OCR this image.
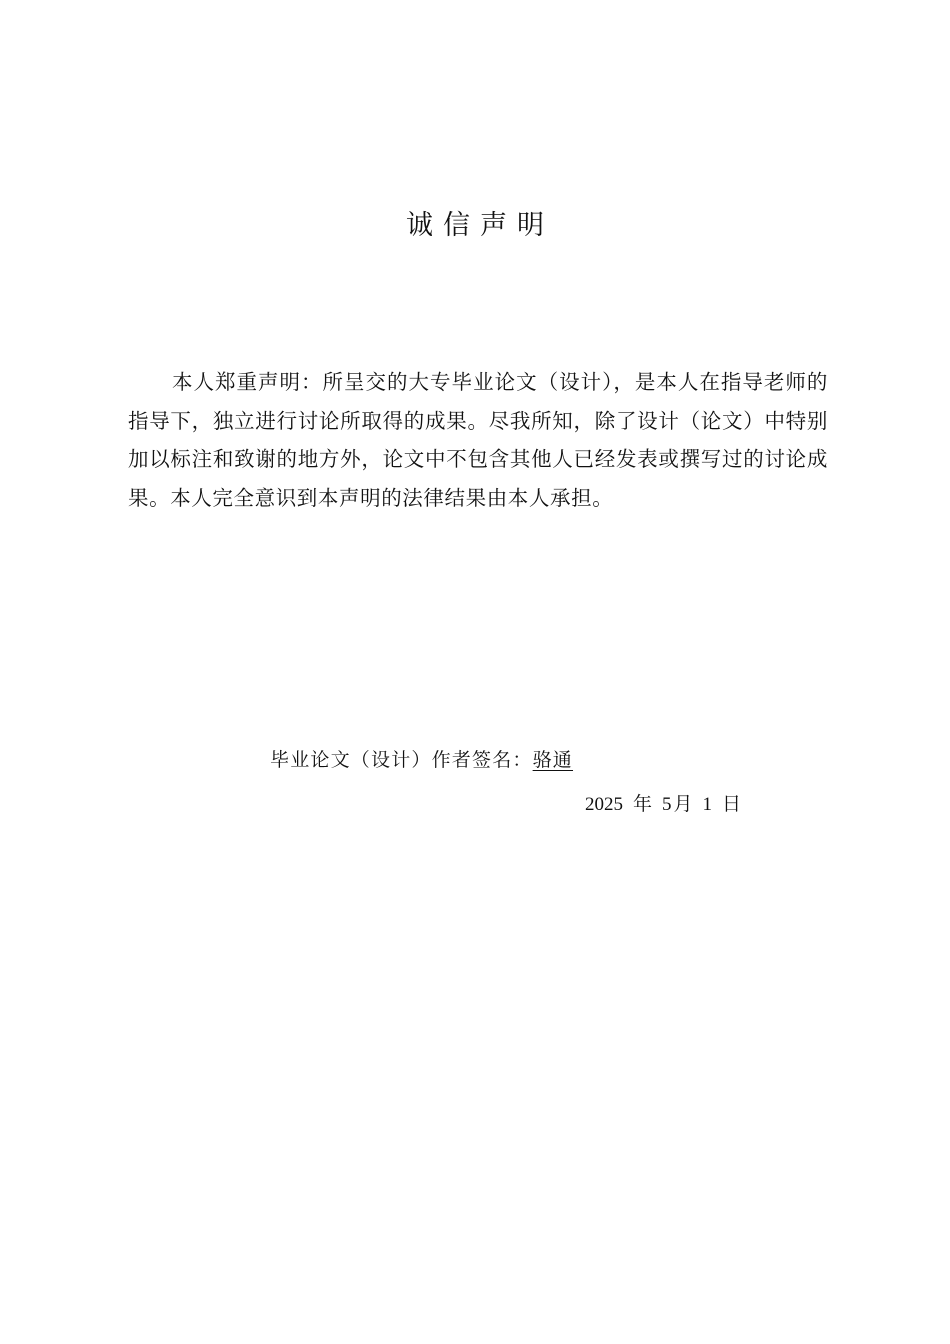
诚信声明
本人郑重声明：所呈交的大专毕业论文（设计），是本人在指导老师的指导下，独立进行讨论所取得的成果。尽我所知，除了设计（论文）中特别加以标注和致谢的地方外，论文中不包含其他人已经发表或撰写过的讨论成果。本人完全意识到本声明的法律结果由本人承担。
毕业论文（设计）作者签名：骆通
2025 年 5 月 1 日
